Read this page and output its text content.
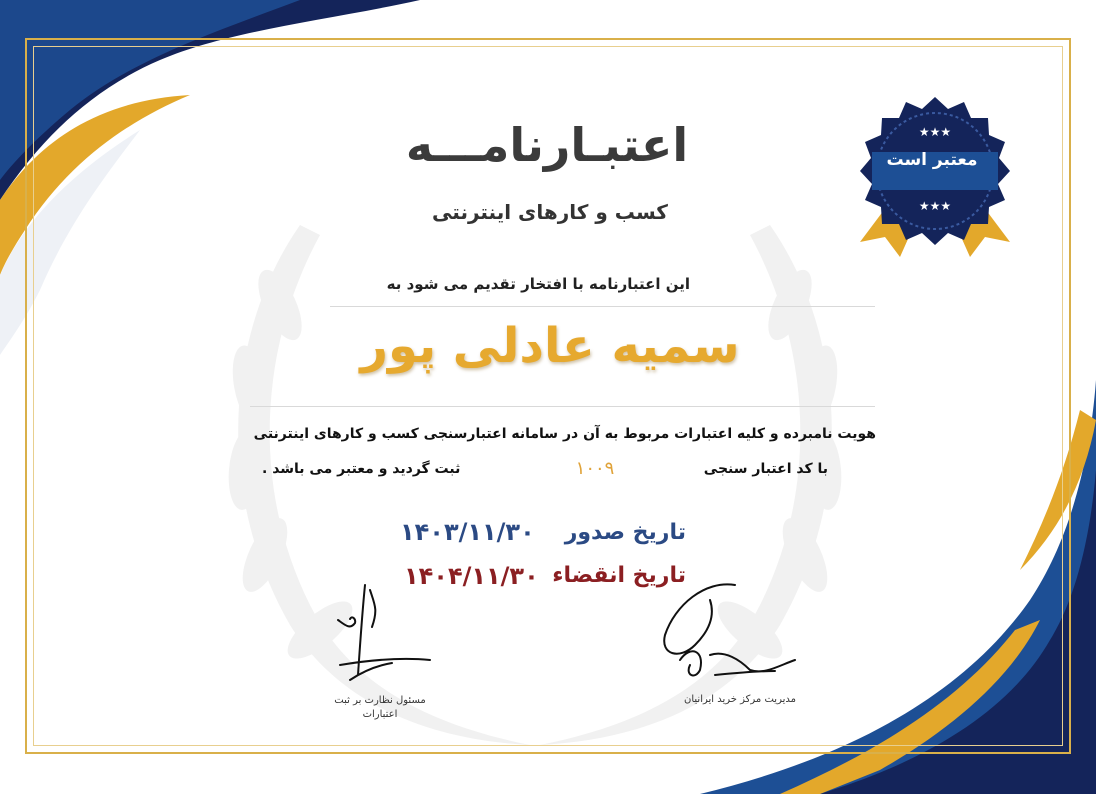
اعتبـارنامـــه
کسب و کارهای اینترنتی
این اعتبارنامه با افتخار تقدیم می شود به
سمیه عادلی پور
هویت نامبرده و کلیه اعتبارات مربوط به آن در سامانه اعتبارسنجی کسب و کارهای اینترنتی
با کد اعتبار سنجی
۱۰۰۹
ثبت گردید و معتبر می باشد .
تاریخ صدور
۱۴۰۳/۱۱/۳۰
تاریخ انقضاء
۱۴۰۴/۱۱/۳۰
مسئول نظارت بر ثبت اعتبارات
مدیریت مرکز خرید ایرانیان
★★★
★★★
معتبر است
